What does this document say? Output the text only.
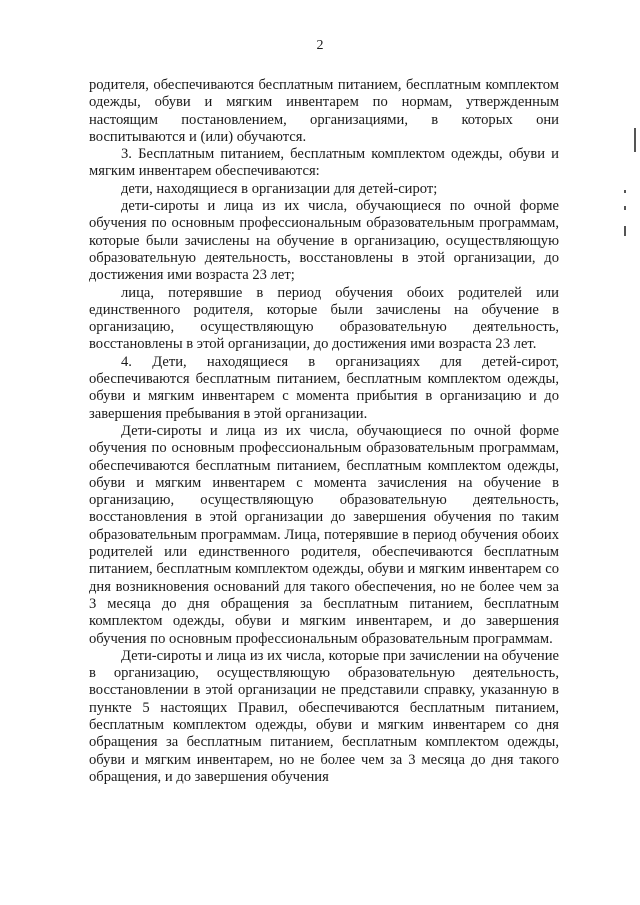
2

родителя, обеспечиваются бесплатным питанием, бесплатным комплектом одежды, обуви и мягким инвентарем по нормам, утвержденным настоящим постановлением, организациями, в которых они воспитываются и (или) обучаются.

3. Бесплатным питанием, бесплатным комплектом одежды, обуви и мягким инвентарем обеспечиваются:

дети, находящиеся в организации для детей-сирот;

дети-сироты и лица из их числа, обучающиеся по очной форме обучения по основным профессиональным образовательным программам, которые были зачислены на обучение в организацию, осуществляющую образовательную деятельность, восстановлены в этой организации, до достижения ими возраста 23 лет;

лица, потерявшие в период обучения обоих родителей или единственного родителя, которые были зачислены на обучение в организацию, осуществляющую образовательную деятельность, восстановлены в этой организации, до достижения ими возраста 23 лет.

4. Дети, находящиеся в организациях для детей-сирот, обеспечиваются бесплатным питанием, бесплатным комплектом одежды, обуви и мягким инвентарем с момента прибытия в организацию и до завершения пребывания в этой организации.

Дети-сироты и лица из их числа, обучающиеся по очной форме обучения по основным профессиональным образовательным программам, обеспечиваются бесплатным питанием, бесплатным комплектом одежды, обуви и мягким инвентарем с момента зачисления на обучение в организацию, осуществляющую образовательную деятельность, восстановления в этой организации до завершения обучения по таким образовательным программам. Лица, потерявшие в период обучения обоих родителей или единственного родителя, обеспечиваются бесплатным питанием, бесплатным комплектом одежды, обуви и мягким инвентарем со дня возникновения оснований для такого обеспечения, но не более чем за 3 месяца до дня обращения за бесплатным питанием, бесплатным комплектом одежды, обуви и мягким инвентарем, и до завершения обучения по основным профессиональным образовательным программам.

Дети-сироты и лица из их числа, которые при зачислении на обучение в организацию, осуществляющую образовательную деятельность, восстановлении в этой организации не представили справку, указанную в пункте 5 настоящих Правил, обеспечиваются бесплатным питанием, бесплатным комплектом одежды, обуви и мягким инвентарем со дня обращения за бесплатным питанием, бесплатным комплектом одежды, обуви и мягким инвентарем, но не более чем за 3 месяца до дня такого обращения, и до завершения обучения
